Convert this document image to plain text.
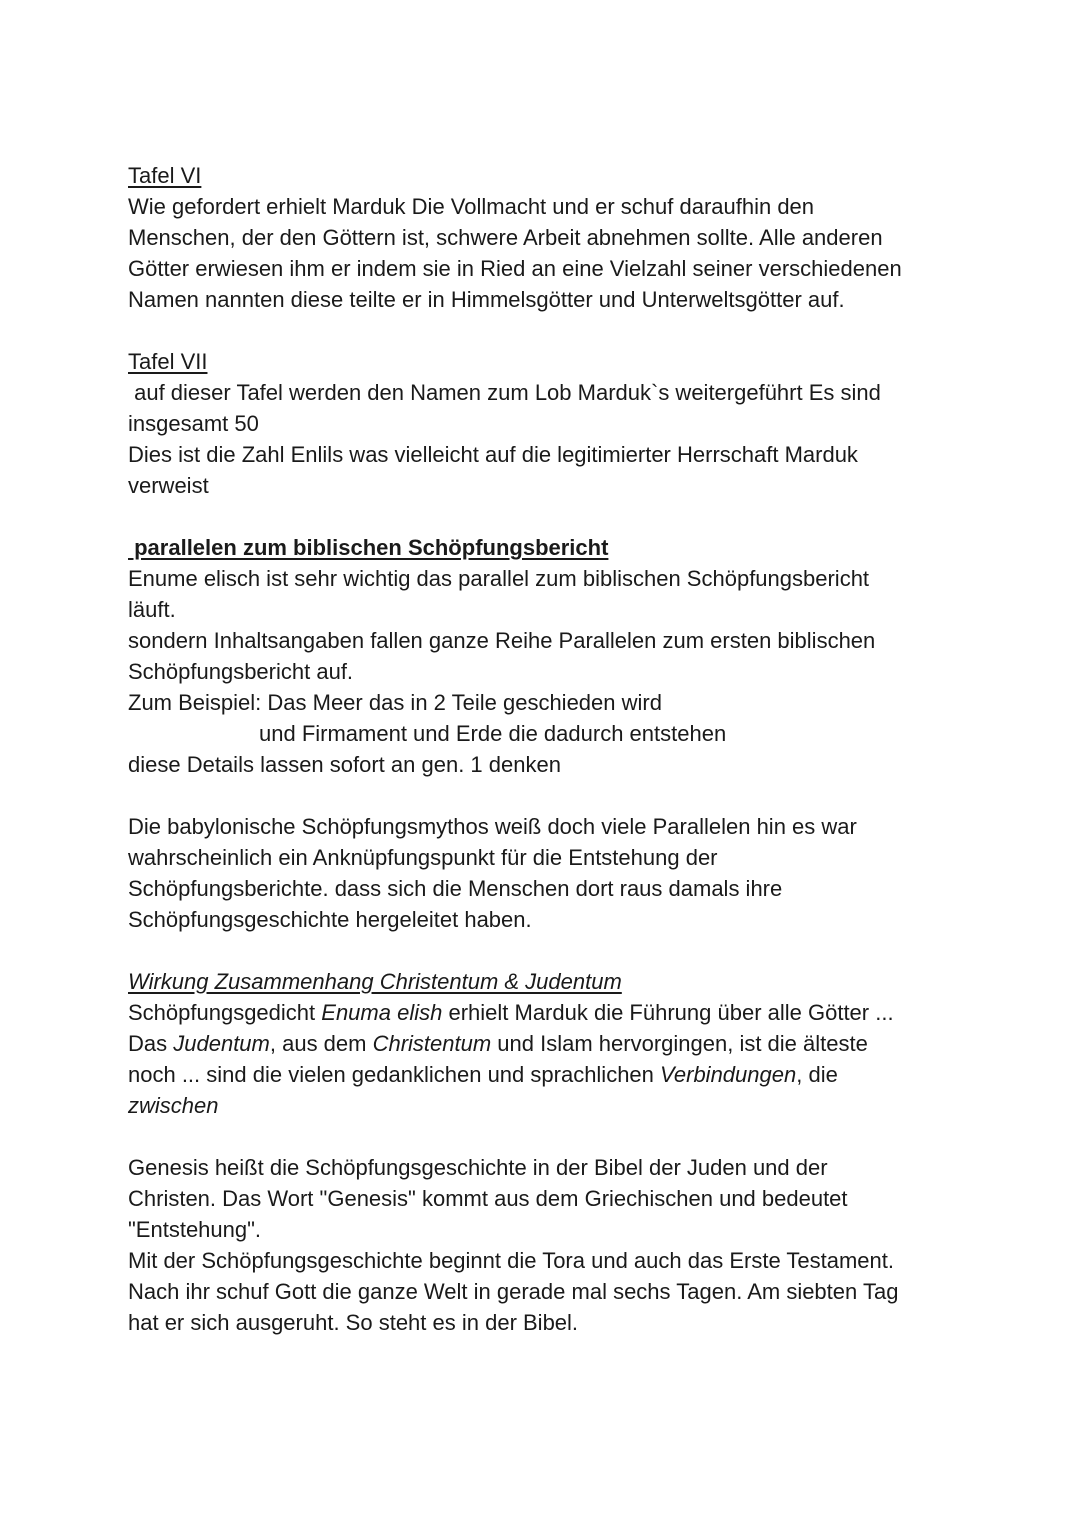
Tafel VI
Wie gefordert erhielt Marduk Die Vollmacht und er schuf daraufhin den
Menschen, der den Göttern ist, schwere Arbeit abnehmen sollte. Alle anderen
Götter erwiesen ihm er indem sie in Ried an eine Vielzahl seiner verschiedenen
Namen nannten diese teilte er in Himmelsgötter und Unterweltsgötter auf.
Tafel VII
auf dieser Tafel werden den Namen zum Lob Marduk`s weitergeführt Es sind
insgesamt 50
Dies ist die Zahl Enlils was vielleicht auf die legitimierter Herrschaft Marduk
verweist
parallelen zum biblischen Schöpfungsbericht
Enume elisch ist sehr wichtig das parallel zum biblischen Schöpfungsbericht
läuft.
sondern Inhaltsangaben fallen ganze Reihe Parallelen zum ersten biblischen
Schöpfungsbericht auf.
Zum Beispiel: Das Meer das in 2 Teile geschieden wird
und Firmament und Erde die dadurch entstehen
diese Details lassen sofort an gen. 1 denken
Die babylonische Schöpfungsmythos weiß doch viele Parallelen hin es war
wahrscheinlich ein Anknüpfungspunkt für die Entstehung der
Schöpfungsberichte. dass sich die Menschen dort raus damals ihre
Schöpfungsgeschichte hergeleitet haben.
Wirkung Zusammenhang Christentum & Judentum
Schöpfungsgedicht Enuma elish erhielt Marduk die Führung über alle Götter ...
Das Judentum, aus dem Christentum und Islam hervorgingen, ist die älteste
noch ... sind die vielen gedanklichen und sprachlichen Verbindungen, die
zwischen
Genesis heißt die Schöpfungsgeschichte in der Bibel der Juden und der
Christen. Das Wort "Genesis" kommt aus dem Griechischen und bedeutet
"Entstehung".
Mit der Schöpfungsgeschichte beginnt die Tora und auch das Erste Testament.
Nach ihr schuf Gott die ganze Welt in gerade mal sechs Tagen. Am siebten Tag
hat er sich ausgeruht. So steht es in der Bibel.
